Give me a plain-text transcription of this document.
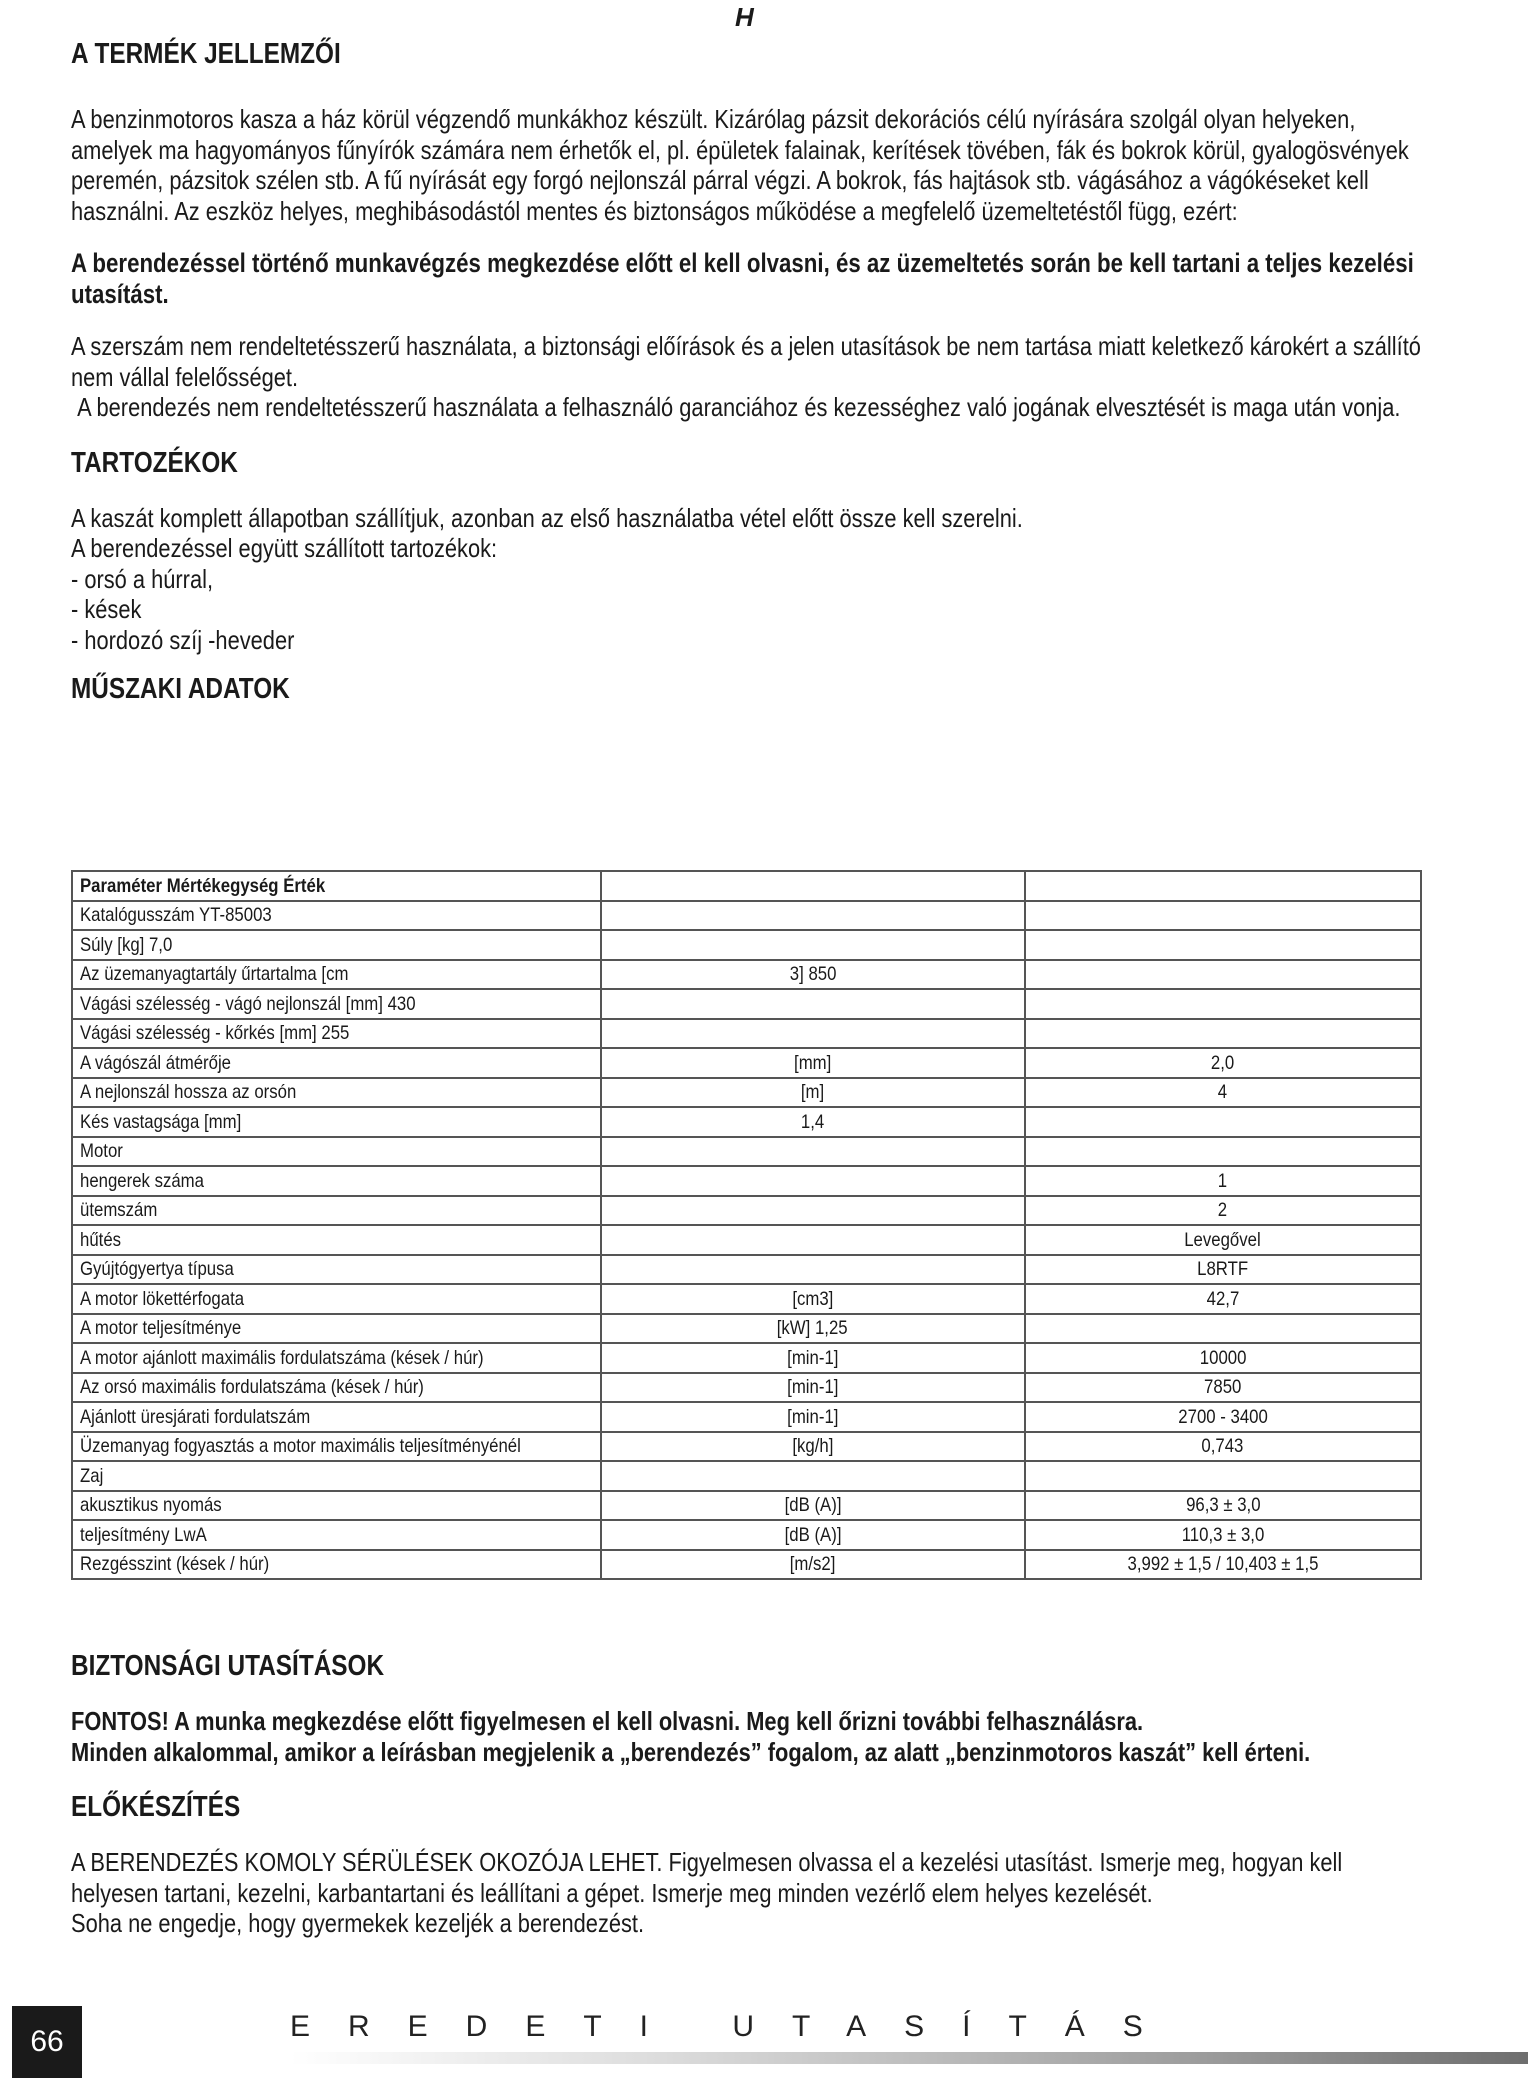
H
A TERMÉK JELLEMZŐI

A benzinmotoros kasza a ház körül végzendő munkákhoz készült. Kizárólag pázsit dekorációs célú nyírására szolgál olyan helyeken, amelyek ma hagyományos fűnyírók számára nem érhetők el, pl. épületek falainak, kerítések tövében, fák és bokrok körül, gyalogösvények peremén, pázsitok szélen stb. A fű nyírását egy forgó nejlonszál párral végzi. A bokrok, fás hajtások stb. vágásához a vágókéseket kell használni. Az eszköz helyes, meghibásodástól mentes és biztonságos működése a megfelelő üzemeltetéstől függ, ezért:

A berendezéssel történő munkavégzés megkezdése előtt el kell olvasni, és az üzemeltetés során be kell tartani a teljes kezelési utasítást.

A szerszám nem rendeltetésszerű használata, a biztonsági előírások és a jelen utasítások be nem tartása miatt keletkező károkért a szállító nem vállal felelősséget.

A berendezés nem rendeltetésszerű használata a felhasználó garanciához és kezességhez való jogának elvesztését is maga után vonja.

TARTOZÉKOK

A kaszát komplett állapotban szállítjuk, azonban az első használatba vétel előtt össze kell szerelni.

A berendezéssel együtt szállított tartozékok:

- orsó a húrral,

- kések

- hordozó szíj -heveder

MŰSZAKI ADATOK
Paraméter Mértékegység Érték		
Katalógusszám YT-85003		
Súly [kg] 7,0		
Az üzemanyagtartály űrtartalma [cm	3] 850	
Vágási szélesség - vágó nejlonszál [mm] 430		
Vágási szélesség - kőrkés [mm] 255		
A vágószál átmérője	[mm]	2,0
A nejlonszál hossza az orsón	[m]	4
Kés vastagsága [mm]	1,4	
Motor		
hengerek száma		1
ütemszám		2
hűtés		Levegővel
Gyújtógyertya típusa		L8RTF
A motor lökettérfogata	[cm3]	42,7
A motor teljesítménye	[kW] 1,25	
A motor ajánlott maximális fordulatszáma (kések / húr)	[min-1]	10000
Az orsó maximális fordulatszáma (kések / húr)	[min-1]	7850
Ajánlott üresjárati fordulatszám	[min-1]	2700 - 3400
Üzemanyag fogyasztás a motor maximális teljesítményénél	[kg/h]	0,743
Zaj		
akusztikus nyomás	[dB (A)]	96,3 ± 3,0
teljesítmény LwA	[dB (A)]	110,3 ± 3,0
Rezgésszint (kések / húr)	[m/s2]	3,992 ± 1,5 / 10,403 ± 1,5
BIZTONSÁGI UTASÍTÁSOK

FONTOS! A munka megkezdése előtt figyelmesen el kell olvasni. Meg kell őrizni további felhasználásra.

Minden alkalommal, amikor a leírásban megjelenik a „berendezés” fogalom, az alatt „benzinmotoros kaszát” kell érteni.

ELŐKÉSZÍTÉS

A BERENDEZÉS KOMOLY SÉRÜLÉSEK OKOZÓJA LEHET. Figyelmesen olvassa el a kezelési utasítást. Ismerje meg, hogyan kell helyesen tartani, kezelni, karbantartani és leállítani a gépet. Ismerje meg minden vezérlő elem helyes kezelését.

Soha ne engedje, hogy gyermekek kezeljék a berendezést.

66	EREDETI UTASÍTÁS
